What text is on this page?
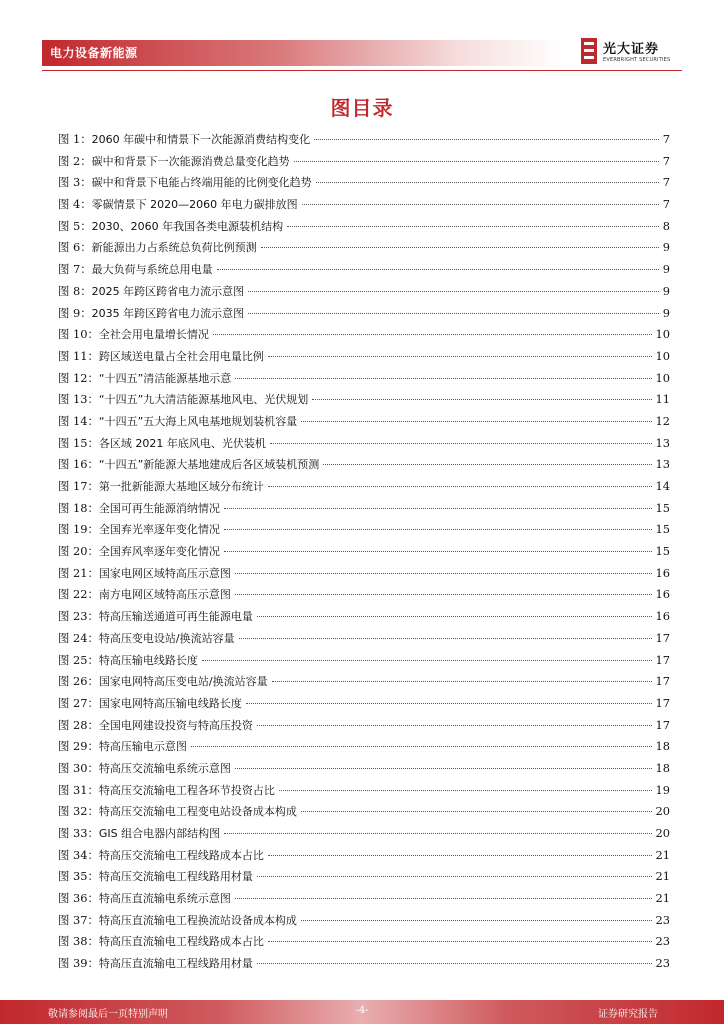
电力设备新能源	光大证券
EVERBRIGHT SECURITIES
图目录
图 1： 2060 年碳中和情景下一次能源消费结构变化	7
图 2： 碳中和背景下一次能源消费总量变化趋势	7
图 3： 碳中和背景下电能占终端用能的比例变化趋势	7
图 4： 零碳情景下 2020—2060 年电力碳排放图	7
图 5： 2030、2060 年我国各类电源装机结构	8
图 6： 新能源出力占系统总负荷比例预测	9
图 7： 最大负荷与系统总用电量	9
图 8： 2025 年跨区跨省电力流示意图	9
图 9： 2035 年跨区跨省电力流示意图	9
图 10： 全社会用电量增长情况	10
图 11： 跨区域送电量占全社会用电量比例	10
图 12： “十四五”清洁能源基地示意	10
图 13： “十四五”九大清洁能源基地风电、光伏规划	11
图 14： “十四五”五大海上风电基地规划装机容量	12
图 15： 各区域 2021 年底风电、光伏装机	13
图 16： “十四五”新能源大基地建成后各区域装机预测	13
图 17： 第一批新能源大基地区域分布统计	14
图 18： 全国可再生能源消纳情况	15
图 19： 全国弃光率逐年变化情况	15
图 20： 全国弃风率逐年变化情况	15
图 21： 国家电网区域特高压示意图	16
图 22： 南方电网区域特高压示意图	16
图 23： 特高压输送通道可再生能源电量	16
图 24： 特高压变电设站/换流站容量	17
图 25： 特高压输电线路长度	17
图 26： 国家电网特高压变电站/换流站容量	17
图 27： 国家电网特高压输电线路长度	17
图 28： 全国电网建设投资与特高压投资	17
图 29： 特高压输电示意图	18
图 30： 特高压交流输电系统示意图	18
图 31： 特高压交流输电工程各环节投资占比	19
图 32： 特高压交流输电工程变电站设备成本构成	20
图 33： GIS 组合电器内部结构图	20
图 34： 特高压交流输电工程线路成本占比	21
图 35： 特高压交流输电工程线路用材量	21
图 36： 特高压直流输电系统示意图	21
图 37： 特高压直流输电工程换流站设备成本构成	23
图 38： 特高压直流输电工程线路成本占比	23
图 39： 特高压直流输电工程线路用材量	23
敬请参阅最后一页特别声明	-4-	证券研究报告
